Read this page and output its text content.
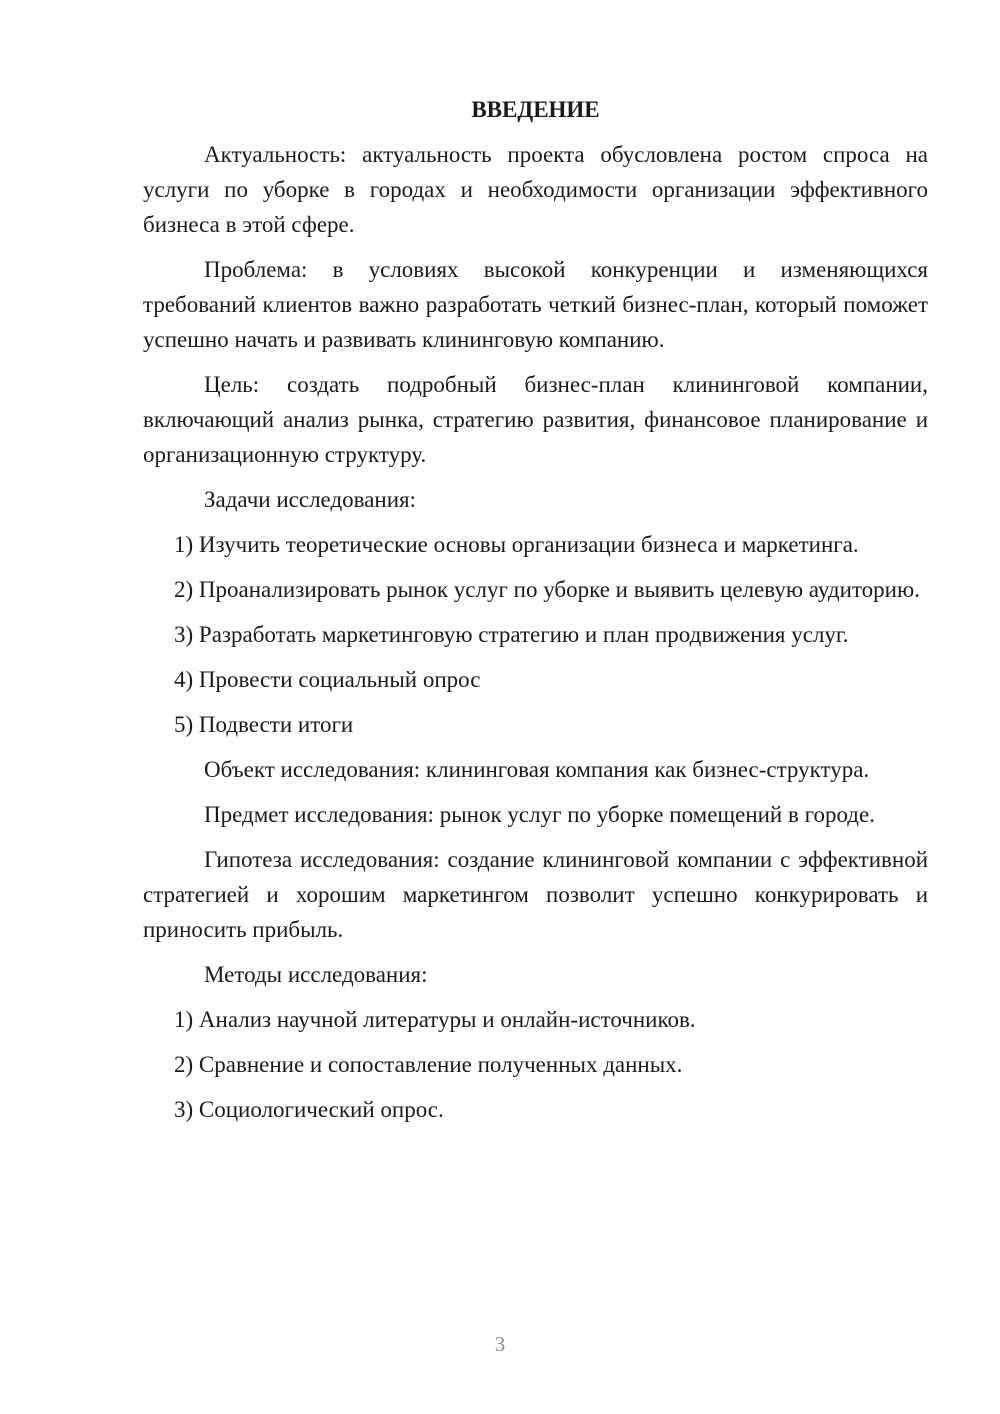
ВВЕДЕНИЕ

Актуальность: актуальность проекта обусловлена ростом спроса на услуги по уборке в городах и необходимости организации эффективного бизнеса в этой сфере.

Проблема: в условиях высокой конкуренции и изменяющихся требований клиентов важно разработать четкий бизнес-план, который поможет успешно начать и развивать клининговую компанию.

Цель: создать подробный бизнес-план клининговой компании, включающий анализ рынка, стратегию развития, финансовое планирование и организационную структуру.

Задачи исследования:

1) Изучить теоретические основы организации бизнеса и маркетинга.

2) Проанализировать рынок услуг по уборке и выявить целевую аудиторию.

3) Разработать маркетинговую стратегию и план продвижения услуг.

4) Провести социальный опрос

5) Подвести итоги

Объект исследования: клининговая компания как бизнес-структура.

Предмет исследования: рынок услуг по уборке помещений в городе.

Гипотеза исследования: создание клининговой компании с эффективной стратегией и хорошим маркетингом позволит успешно конкурировать и приносить прибыль.

Методы исследования:

1) Анализ научной литературы и онлайн-источников.

2) Сравнение и сопоставление полученных данных.

3) Социологический опрос.

3
